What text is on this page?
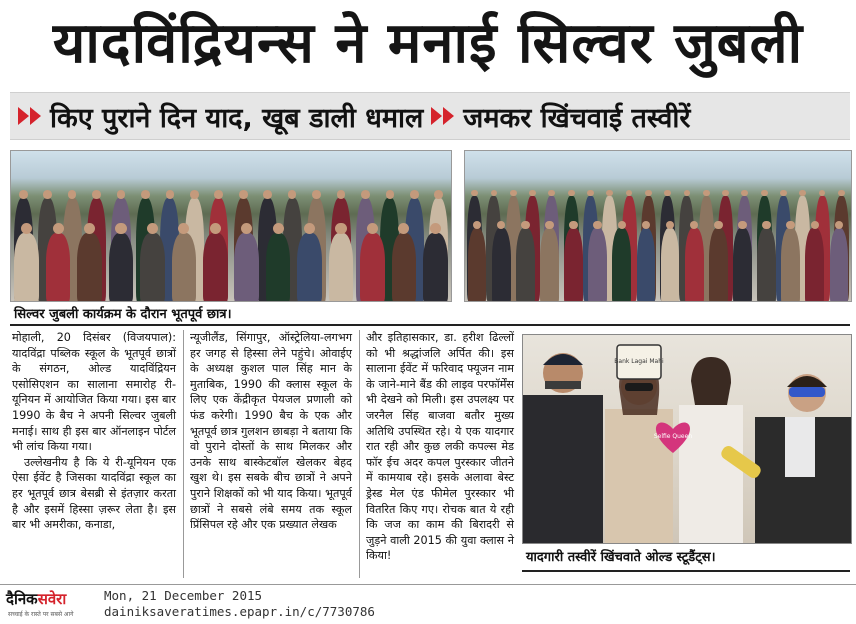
यादविंद्रियन्स ने मनाई सिल्वर जुबली
किए पुराने दिन याद, खूब डाली धमाल जमकर खिंचवाई तस्वीरें
सिल्वर जुबली कार्यक्रम के दौरान भूतपूर्व छात्र।

मोहाली, 20 दिसंबर (विजयपाल): यादविंद्रा पब्लिक स्कूल के भूतपूर्व छात्रों के संगठन, ओल्ड यादविंद्रियन एसोसिएशन का सालाना समारोह री-यूनियन में आयोजित किया गया। इस बार 1990 के बैच ने अपनी सिल्वर जुबली मनाई। साथ ही इस बार ऑनलाइन पोर्टल भी लांच किया गया।

उल्लेखनीय है कि ये री-यूनियन एक ऐसा ईवेंट है जिसका यादविंद्रा स्कूल का हर भूतपूर्व छात्र बेसब्री से इंतज़ार करता है और इसमें हिस्सा ज़रूर लेता है। इस बार भी अमरीका, कनाडा,

न्यूजीलैंड, सिंगापुर, ऑस्ट्रेलिया-लगभग हर जगह से हिस्सा लेने पहुंचे। ओवाईए के अध्यक्ष कुशल पाल सिंह मान के मुताबिक, 1990 की क्लास स्कूल के लिए एक केंद्रीकृत पेयजल प्रणाली को फंड करेगी। 1990 बैच के एक और भूतपूर्व छात्र गुलशन छाबड़ा ने बताया कि वो पुराने दोस्तों के साथ मिलकर और उनके साथ बास्केटबॉल खेलकर बेहद खुश थे। इस सबके बीच छात्रों ने अपने पुराने शिक्षकों को भी याद किया। भूतपूर्व छात्रों ने सबसे लंबे समय तक स्कूल प्रिंसिपल रहे और एक प्रख्यात लेखक

और इतिहासकार, डा. हरीश ढिल्लों को भी श्रद्धांजलि अर्पित की। इस सालाना ईवेंट में फरिवाद फ्यूजन नाम के जाने-माने बैंड की लाइव परफॉर्मेंस भी देखने को मिली। इस उपलक्ष्य पर जरनैल सिंह बाजवा बतौर मुख्य अतिथि उपस्थित रहे। ये एक यादगार रात रही और कुछ लकी कपल्स मेड फॉर ईच अदर कपल पुरस्कार जीतने में कामयाब रहे। इसके अलावा बेस्ट ड्रेस्ड मेल एंड फीमेल पुरस्कार भी वितरित किए गए। रोचक बात ये रही कि जज का काम की बिरादरी से जुड़ने वाली 2015 की युवा क्लास ने किया!

Bank Lagai Mahi
Selfie Queen
यादगारी तस्वीरें खिंचवाते ओल्ड स्टूडैंट्स।
दैनिकसवेरा
सच्चाई के रास्ते पर सबसे आगे
Mon, 21 December 2015
dainiksaveratimes.epapr.in/c/7730786
